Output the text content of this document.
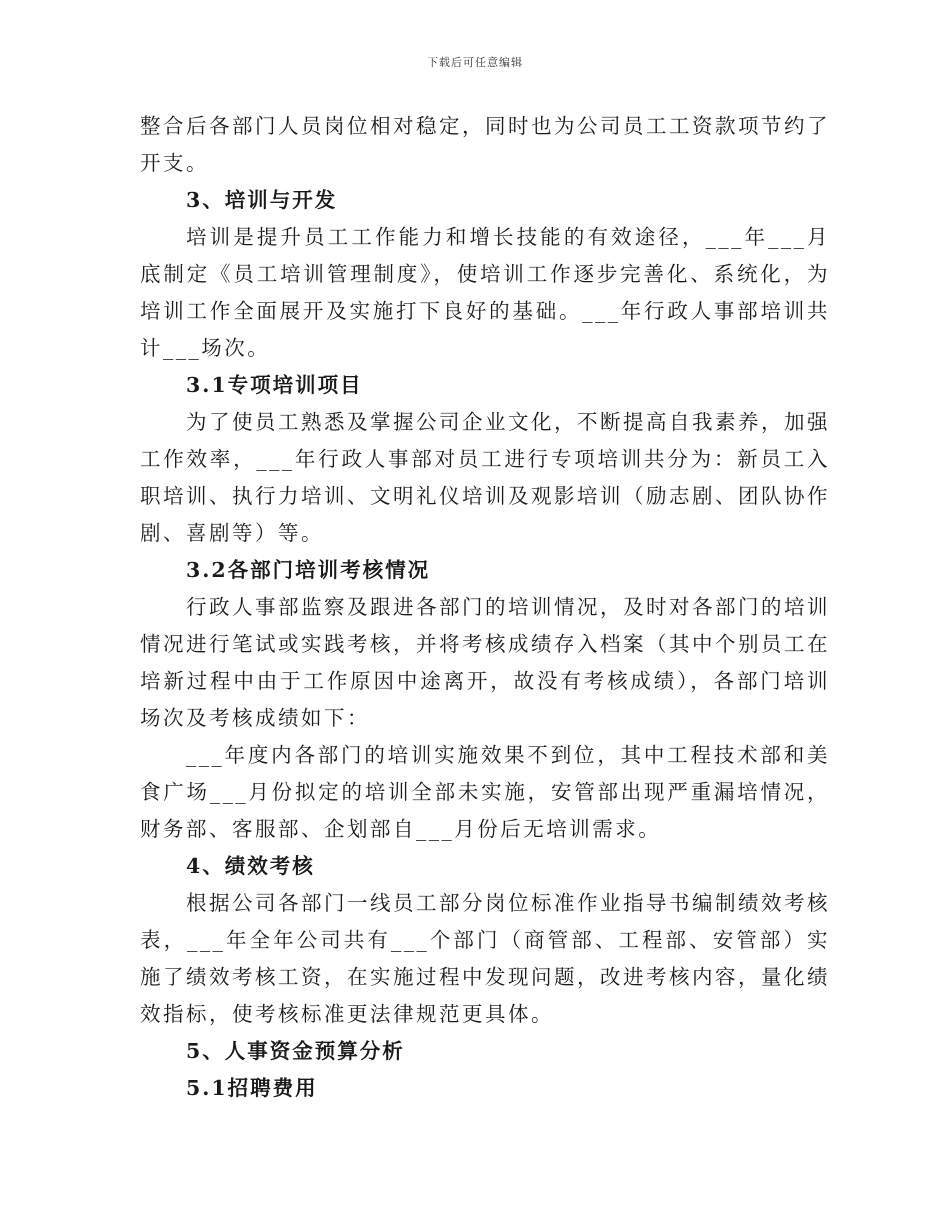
下载后可任意编辑

整合后各部门人员岗位相对稳定，同时也为公司员工工资款项节约了开支。

3、培训与开发

培训是提升员工工作能力和增长技能的有效途径，___年___月底制定《员工培训管理制度》，使培训工作逐步完善化、系统化，为培训工作全面展开及实施打下良好的基础。___年行政人事部培训共计___场次。

3.1专项培训项目

为了使员工熟悉及掌握公司企业文化，不断提高自我素养，加强工作效率，___年行政人事部对员工进行专项培训共分为：新员工入职培训、执行力培训、文明礼仪培训及观影培训（励志剧、团队协作剧、喜剧等）等。

3.2各部门培训考核情况

行政人事部监察及跟进各部门的培训情况，及时对各部门的培训情况进行笔试或实践考核，并将考核成绩存入档案（其中个别员工在培新过程中由于工作原因中途离开，故没有考核成绩），各部门培训场次及考核成绩如下：

___年度内各部门的培训实施效果不到位，其中工程技术部和美食广场___月份拟定的培训全部未实施，安管部出现严重漏培情况，财务部、客服部、企划部自___月份后无培训需求。

4、绩效考核

根据公司各部门一线员工部分岗位标准作业指导书编制绩效考核表，___年全年公司共有___个部门（商管部、工程部、安管部）实施了绩效考核工资，在实施过程中发现问题，改进考核内容，量化绩效指标，使考核标准更法律规范更具体。

5、人事资金预算分析

5.1招聘费用
